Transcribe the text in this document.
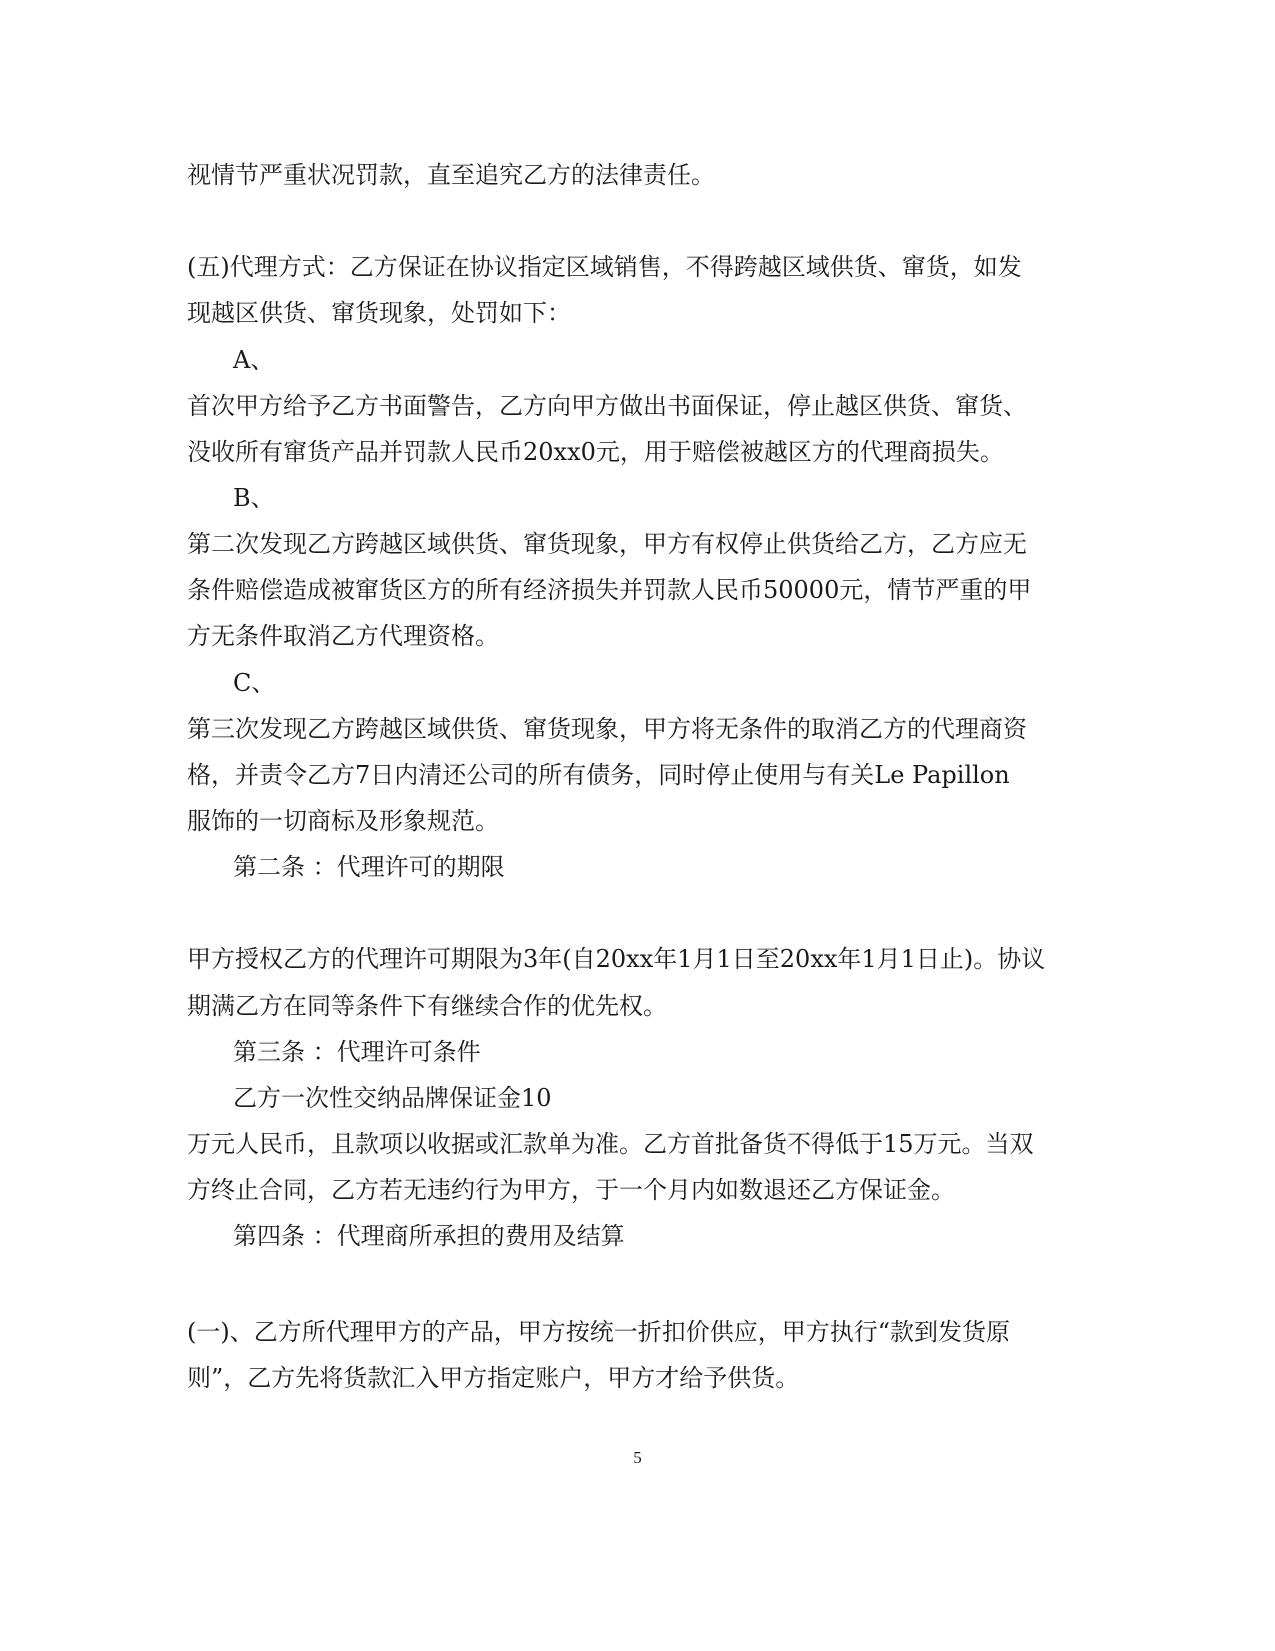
视情节严重状况罚款，直至追究乙方的法律责任。
(五)代理方式：乙方保证在协议指定区域销售，不得跨越区域供货、窜货，如发
现越区供货、窜货现象，处罚如下：
A、
首次甲方给予乙方书面警告，乙方向甲方做出书面保证，停止越区供货、窜货、
没收所有窜货产品并罚款人民币20xx0元，用于赔偿被越区方的代理商损失。
B、
第二次发现乙方跨越区域供货、窜货现象，甲方有权停止供货给乙方，乙方应无
条件赔偿造成被窜货区方的所有经济损失并罚款人民币50000元，情节严重的甲
方无条件取消乙方代理资格。
C、
第三次发现乙方跨越区域供货、窜货现象，甲方将无条件的取消乙方的代理商资
格，并责令乙方7日内清还公司的所有债务，同时停止使用与有关Le Papillon
服饰的一切商标及形象规范。
第二条 ：代理许可的期限
甲方授权乙方的代理许可期限为3年(自20xx年1月1日至20xx年1月1日止)。协议
期满乙方在同等条件下有继续合作的优先权。
第三条 ：代理许可条件
乙方一次性交纳品牌保证金10
万元人民币，且款项以收据或汇款单为准。乙方首批备货不得低于15万元。当双
方终止合同，乙方若无违约行为甲方，于一个月内如数退还乙方保证金。
第四条 ：代理商所承担的费用及结算
(一)、乙方所代理甲方的产品，甲方按统一折扣价供应，甲方执行“款到发货原
则”，乙方先将货款汇入甲方指定账户，甲方才给予供货。
5
